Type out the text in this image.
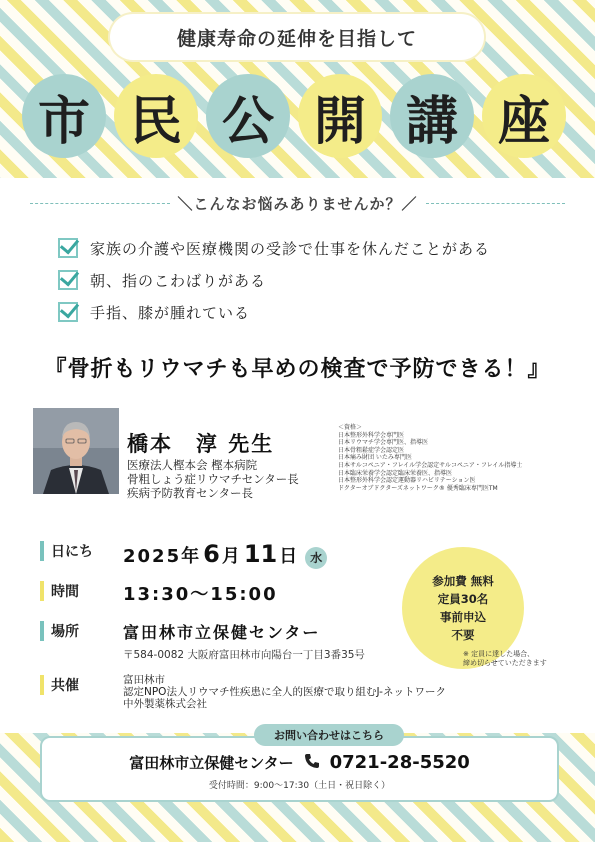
健康寿命の延伸を目指して
市 民 公 開 講 座
＼こんなお悩みありませんか？／
家族の介護や医療機関の受診で仕事を休んだことがある
朝、指のこわばりがある
手指、膝が腫れている
『骨折もリウマチも早めの検査で予防できる！』
橋本　淳 先生
医療法人樫本会 樫本病院
骨粗しょう症リウマチセンター長
疾病予防教育センター長
＜資格＞
日本整形外科学会専門医
日本リウマチ学会専門医、指導医
日本骨粗鬆症学会認定医
日本痛み財団 いたみ専門医
日本サルコペニア・フレイル学会認定サルコペニア・フレイル指導士
日本臨床栄養学会認定臨床栄養医、指導医
日本整形外科学会認定運動器リハビリテーション医
ドクターオブドクターズネットワーク® 優秀臨床専門医TM
日にち	2025年 6 月 11 日 水
時間	13:30～15:00
場所	富田林市立保健センター
〒584-0082 大阪府富田林市向陽台一丁目3番35号
共催	富田林市
認定NPO法人リウマチ性疾患に全人的医療で取り組むJ-ネットワーク
中外製薬株式会社
参加費 無料
定員30名
事前申込
不要
※ 定員に達した場合、
締め切らせていただきます
お問い合わせはこちら
富田林市立保健センター 0721-28-5520
受付時間：9:00～17:30（土日・祝日除く）
